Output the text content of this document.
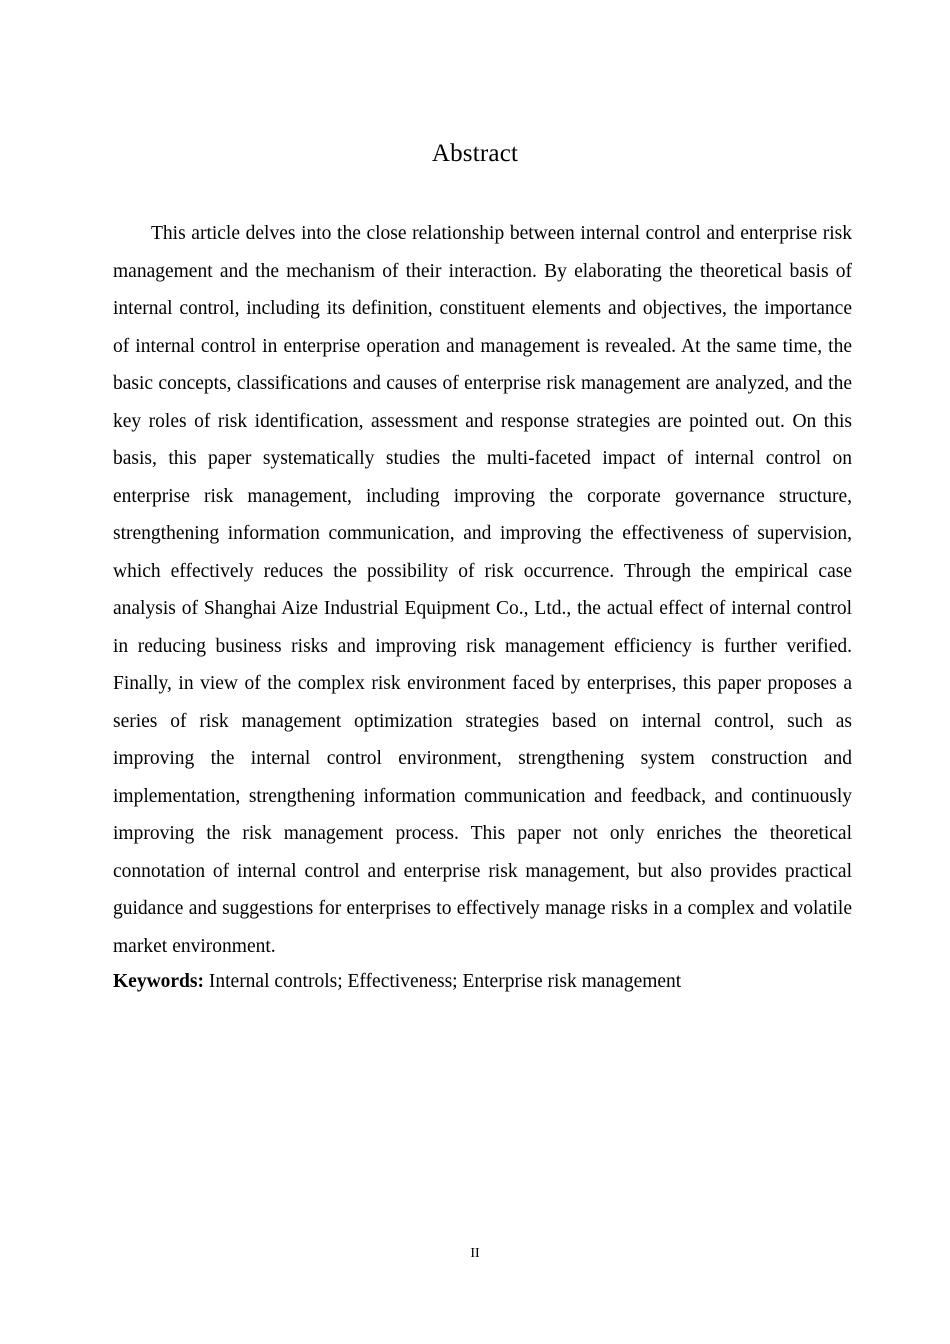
Abstract

This article delves into the close relationship between internal control and enterprise risk management and the mechanism of their interaction. By elaborating the theoretical basis of internal control, including its definition, constituent elements and objectives, the importance of internal control in enterprise operation and management is revealed. At the same time, the basic concepts, classifications and causes of enterprise risk management are analyzed, and the key roles of risk identification, assessment and response strategies are pointed out. On this basis, this paper systematically studies the multi-faceted impact of internal control on enterprise risk management, including improving the corporate governance structure, strengthening information communication, and improving the effectiveness of supervision, which effectively reduces the possibility of risk occurrence. Through the empirical case analysis of Shanghai Aize Industrial Equipment Co., Ltd., the actual effect of internal control in reducing business risks and improving risk management efficiency is further verified. Finally, in view of the complex risk environment faced by enterprises, this paper proposes a series of risk management optimization strategies based on internal control, such as improving the internal control environment, strengthening system construction and implementation, strengthening information communication and feedback, and continuously improving the risk management process. This paper not only enriches the theoretical connotation of internal control and enterprise risk management, but also provides practical guidance and suggestions for enterprises to effectively manage risks in a complex and volatile market environment.

Keywords: Internal controls; Effectiveness; Enterprise risk management
II
